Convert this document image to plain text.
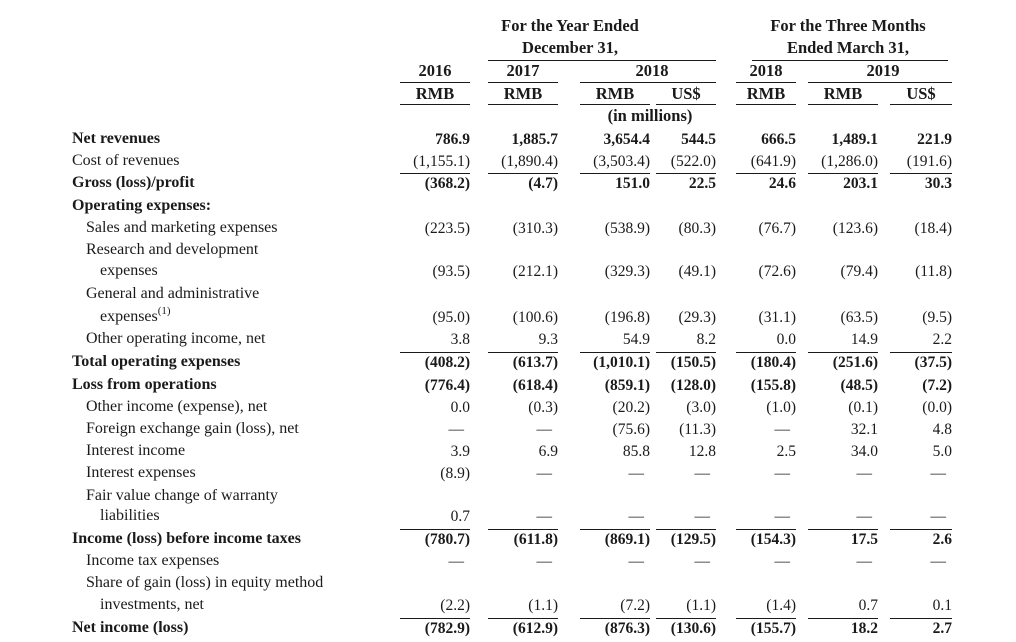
For the Year Ended
December 31,
For the Three Months
Ended March 31,
2016	2017	2018	2018	2019
RMB	RMB	RMB	US$	RMB	RMB	US$
(in millions)
Net revenues	786.9	1,885.7	3,654.4	544.5	666.5	1,489.1	221.9
Cost of revenues	(1,155.1)	(1,890.4)	(3,503.4)	(522.0)	(641.9)	(1,286.0)	(191.6)
Gross (loss)/profit	(368.2)	(4.7)	151.0	22.5	24.6	203.1	30.3
Operating expenses:
Sales and marketing expenses	(223.5)	(310.3)	(538.9)	(80.3)	(76.7)	(123.6)	(18.4)
Research and development
expenses	(93.5)	(212.1)	(329.3)	(49.1)	(72.6)	(79.4)	(11.8)
General and administrative
expenses$^{(1)}$	(95.0)	(100.6)	(196.8)	(29.3)	(31.1)	(63.5)	(9.5)
Other operating income, net	3.8	9.3	54.9	8.2	0.0	14.9	2.2
Total operating expenses	(408.2)	(613.7)	(1,010.1)	(150.5)	(180.4)	(251.6)	(37.5)
Loss from operations	(776.4)	(618.4)	(859.1)	(128.0)	(155.8)	(48.5)	(7.2)
Other income (expense), net	0.0	(0.3)	(20.2)	(3.0)	(1.0)	(0.1)	(0.0)
Foreign exchange gain (loss), net	—	—	(75.6)	(11.3)	—	32.1	4.8
Interest income	3.9	6.9	85.8	12.8	2.5	34.0	5.0
Interest expenses	(8.9)	—	—	—	—	—	—
Fair value change of warranty
liabilities	0.7	—	—	—	—	—	—
Income (loss) before income taxes	(780.7)	(611.8)	(869.1)	(129.5)	(154.3)	17.5	2.6
Income tax expenses	—	—	—	—	—	—	—
Share of gain (loss) in equity method
investments, net	(2.2)	(1.1)	(7.2)	(1.1)	(1.4)	0.7	0.1
Net income (loss)	(782.9)	(612.9)	(876.3)	(130.6)	(155.7)	18.2	2.7
